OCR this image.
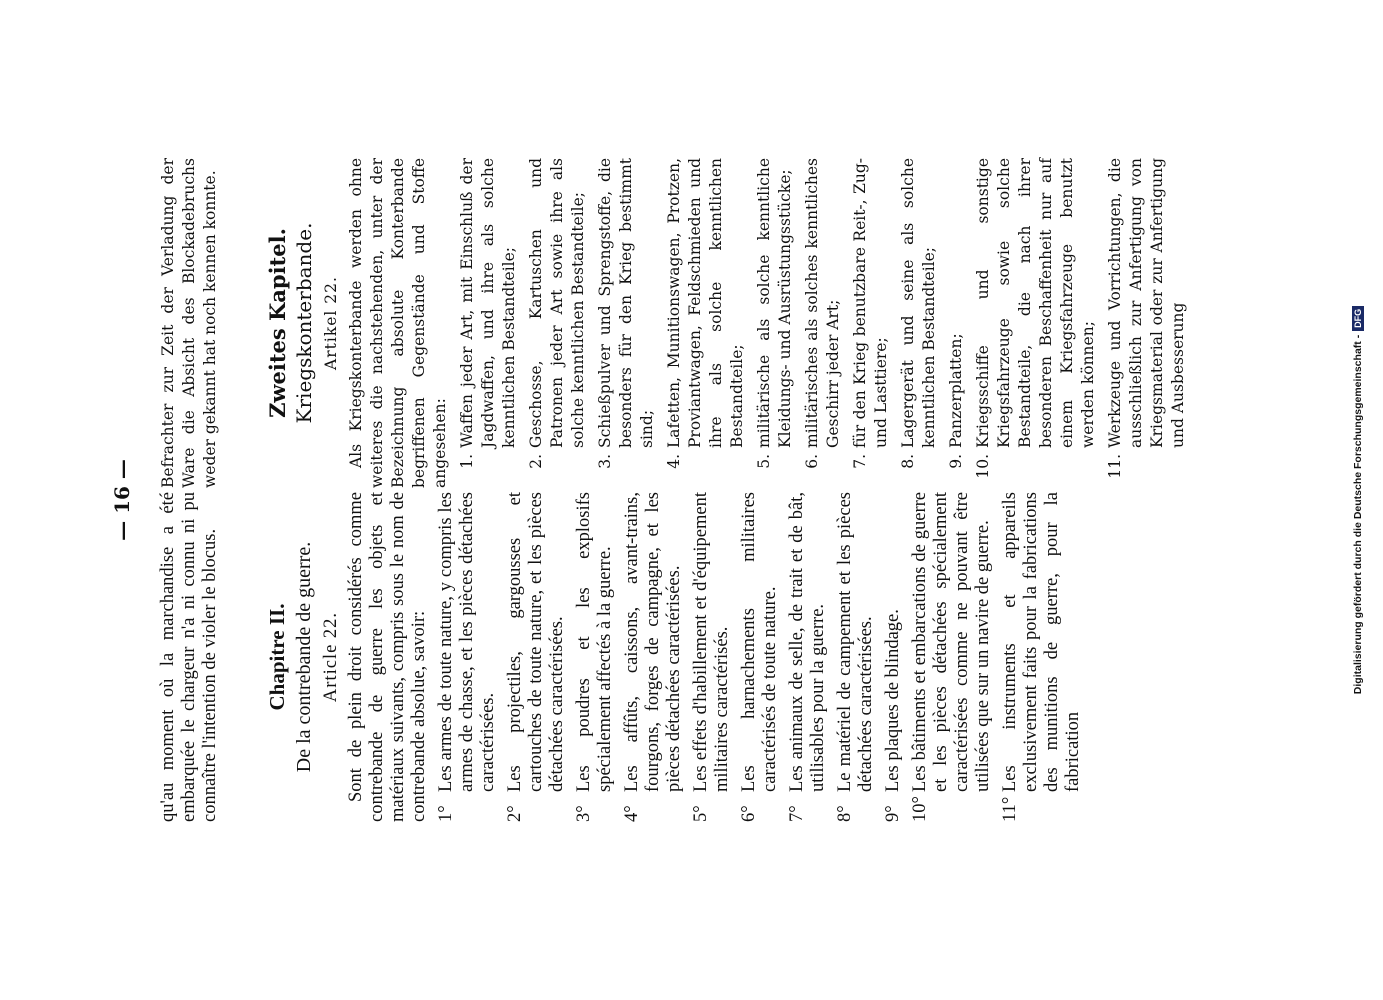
— 16 — qu'au moment où la marchandise a été embarquée le chargeur n'a ni connu ni pu connaître l'intention de violer le blocus. Chapitre II. De la contrebande de guerre. Article 22. Sont de plein droit considérés comme contrebande de guerre les objets et matériaux suivants, compris sous le nom de contrebande absolue, savoir: 1°
Les armes de toute nature, y compris les armes de chasse, et les pièces détachées caractérisées.
2°
Les projectiles, gargousses et cartouches de toute nature, et les pièces détachées caractérisées.
3°
Les poudres et les explosifs spécialement affectés à la guerre.
4°
Les affûts, caissons, avant-trains, fourgons, forges de campagne, et les pièces détachées caractérisées.
5°
Les effets d'habillement et d'équipement militaires caractérisés.
6°
Les harnachements militaires caractérisés de toute nature.
7°
Les animaux de selle, de trait et de bât, utilisables pour la guerre.
8°
Le matériel de campement et les pièces détachées caractérisées.
9°
Les plaques de blindage.
10°
Les bâtiments et embarcations de guerre et les pièces détachées spécialement caractérisées comme ne pouvant être utilisées que sur un navire de guerre.
11°
Les instruments et appareils exclusivement faits pour la fabrications des munitions de guerre, pour la fabrication

Befrachter zur Zeit der Verladung der Ware die Absicht des Blockadebruchs weder gekannt hat noch kennen konnte. Zweites Kapitel. Kriegskonterbande. Artikel 22. Als Kriegskonterbande werden ohne weiteres die nachstehenden, unter der Bezeichnung absolute Konterbande begriffenen Gegenstände und Stoffe angesehen: 1.
Waffen jeder Art, mit Einschluß der Jagdwaffen, und ihre als solche kenntlichen Bestandteile;
2.
Geschosse, Kartuschen und Patronen jeder Art sowie ihre als solche kenntlichen Bestandteile;
3.
Schießpulver und Sprengstoffe, die besonders für den Krieg bestimmt sind;
4.
Lafetten, Munitionswagen, Protzen, Proviantwagen, Feldschmieden und ihre als solche kenntlichen Bestandteile;
5.
militärische als solche kenntliche Kleidungs- und Ausrüstungsstücke;
6.
militärisches als solches kenntliches Geschirr jeder Art;
7.
für den Krieg benutzbare Reit-, Zug- und Lasttiere;
8.
Lagergerät und seine als solche kenntlichen Bestandteile;
9.
Panzerplatten;
10.
Kriegsschiffe und sonstige Kriegsfahrzeuge sowie solche Bestandteile, die nach ihrer besonderen Beschaffenheit nur auf einem Kriegsfahrzeuge benutzt werden können;
11.
Werkzeuge und Vorrichtungen, die ausschließlich zur Anfertigung von Kriegsmaterial oder zur Anfertigung und Ausbesserung	Digitalisierung gefördert durch die Deutsche Forschungsgemeinschaft -DFG
